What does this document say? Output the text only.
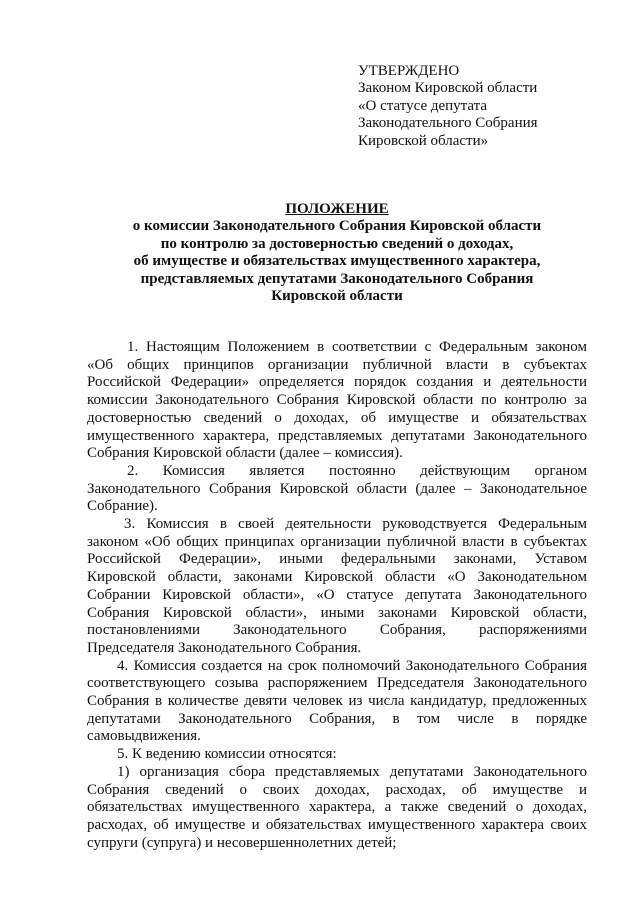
УТВЕРЖДЕНО
Законом Кировской области
«О статусе депутата
Законодательного Собрания
Кировской области»
ПОЛОЖЕНИЕ
о комиссии Законодательного Собрания Кировской области
по контролю за достоверностью сведений о доходах,
об имуществе и обязательствах имущественного характера,
представляемых депутатами Законодательного Собрания
Кировской области
1. Настоящим Положением в соответствии с Федеральным законом
«Об общих принципов организации публичной власти в субъектах
Российской Федерации» определяется порядок создания и деятельности
комиссии Законодательного Собрания Кировской области по контролю за
достоверностью сведений о доходах, об имуществе и обязательствах
имущественного характера, представляемых депутатами Законодательного
Собрания Кировской области (далее – комиссия).
2. Комиссия является постоянно действующим органом
Законодательного Собрания Кировской области (далее – Законодательное
Собрание).
3. Комиссия в своей деятельности руководствуется Федеральным
законом «Об общих принципах организации публичной власти в субъектах
Российской Федерации», иными федеральными законами, Уставом
Кировской области, законами Кировской области «О Законодательном
Собрании Кировской области», «О статусе депутата Законодательного
Собрания Кировской области», иными законами Кировской области,
постановлениями Законодательного Собрания, распоряжениями
Председателя Законодательного Собрания.
4. Комиссия создается на срок полномочий Законодательного Собрания
соответствующего созыва распоряжением Председателя Законодательного
Собрания в количестве девяти человек из числа кандидатур, предложенных
депутатами Законодательного Собрания, в том числе в порядке
самовыдвижения.
5. К ведению комиссии относятся:
1) организация сбора представляемых депутатами Законодательного
Собрания сведений о своих доходах, расходах, об имуществе и
обязательствах имущественного характера, а также сведений о доходах,
расходах, об имуществе и обязательствах имущественного характера своих
супруги (супруга) и несовершеннолетних детей;
